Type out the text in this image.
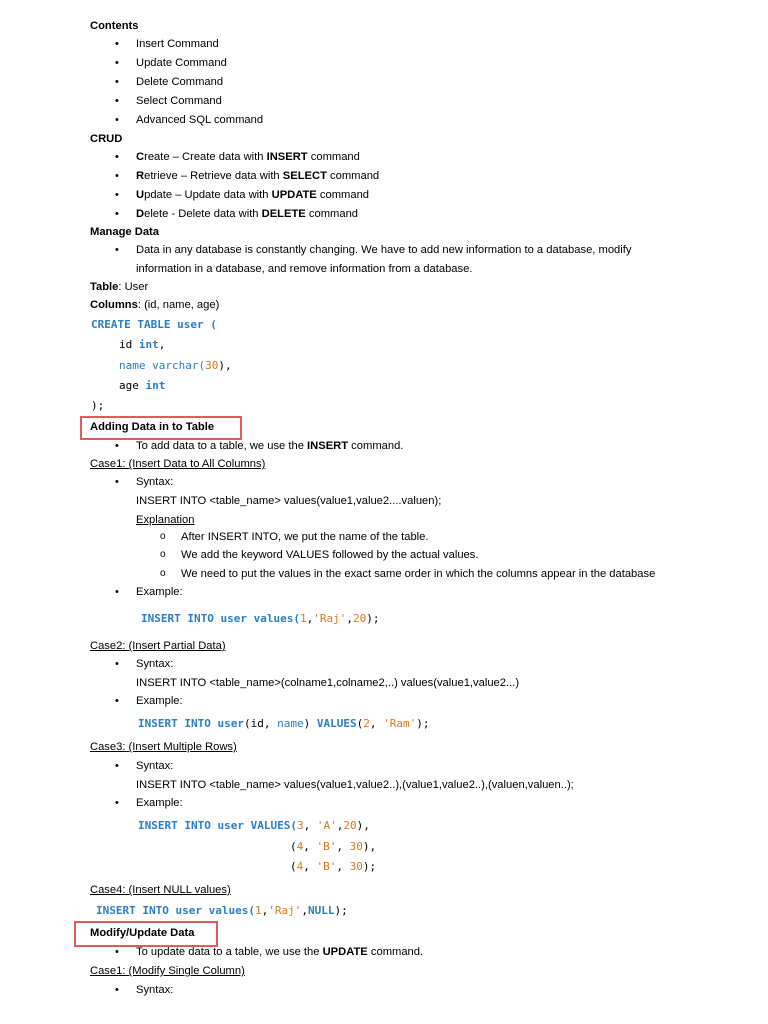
Contents
• Insert Command
• Update Command
• Delete Command
• Select Command
• Advanced SQL command
CRUD
• Create – Create data with INSERT command
• Retrieve – Retrieve data with SELECT command
• Update – Update data with UPDATE command
• Delete - Delete data with DELETE command
Manage Data
• Data in any database is constantly changing. We have to add new information to a database, modify
information in a database, and remove information from a database.
Table: User
Columns: (id, name, age)
CREATE TABLE user (
id int,
name varchar(30),
age int
);
Adding Data in to Table
• To add data to a table, we use the INSERT command.
Case1: (Insert Data to All Columns)
• Syntax:
INSERT INTO <table_name> values(value1,value2....valuen);
Explanation
o After INSERT INTO, we put the name of the table.
o We add the keyword VALUES followed by the actual values.
o We need to put the values in the exact same order in which the columns appear in the database
• Example:
INSERT INTO user values(1,'Raj',20);
Case2: (Insert Partial Data)
• Syntax:
INSERT INTO <table_name>(colname1,colname2,..) values(value1,value2...)
• Example:
INSERT INTO user(id, name) VALUES(2, 'Ram');
Case3: (Insert Multiple Rows)
• Syntax:
INSERT INTO <table_name> values(value1,value2..),(value1,value2..),(valuen,valuen..);
• Example:
INSERT INTO user VALUES(3, 'A',20),
(4, 'B', 30),
(4, 'B', 30);
Case4: (Insert NULL values)
INSERT INTO user values(1,'Raj',NULL);
Modify/Update Data
• To update data to a table, we use the UPDATE command.
Case1: (Modify Single Column)
• Syntax:
